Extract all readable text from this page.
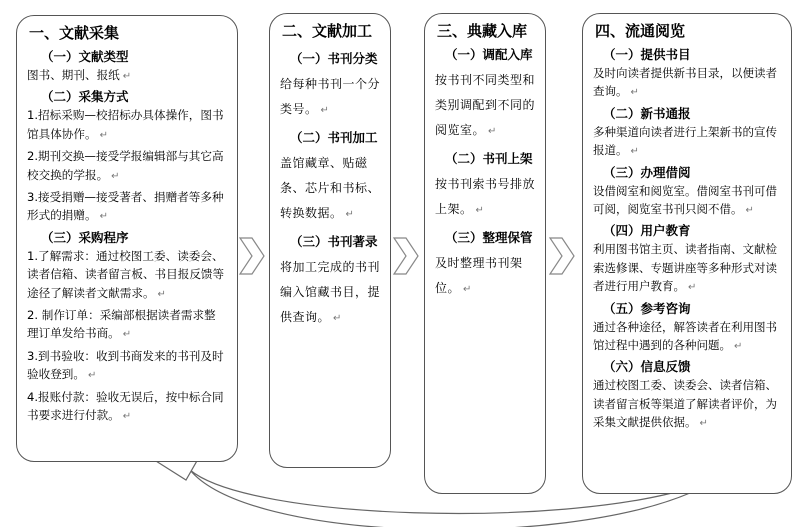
一、文献采集
（一）文献类型
图书、期刊、报纸 ↵
（二）采集方式
1.招标采购—校招标办具体操作，图书馆具体协作。 ↵
2.期刊交换—接受学报编辑部与其它高校交换的学报。 ↵
3.接受捐赠—接受著者、捐赠者等多种形式的捐赠。 ↵
（三）采购程序
1.了解需求：通过校图工委、读委会、读者信箱、读者留言板、书目报反馈等途径了解读者文献需求。 ↵
2. 制作订单：采编部根据读者需求整理订单发给书商。 ↵
3.到书验收：收到书商发来的书刊及时验收登到。 ↵
4.报账付款：验收无误后，按中标合同书要求进行付款。 ↵
二、文献加工
（一）书刊分类
给每种书刊一个分类号。 ↵
（二）书刊加工
盖馆藏章、贴磁条、芯片和书标、转换数据。 ↵
（三）书刊著录
将加工完成的书刊编入馆藏书目，提供查询。 ↵
三、典藏入库
（一）调配入库
按书刊不同类型和类别调配到不同的阅览室。 ↵
（二）书刊上架
按书刊索书号排放上架。 ↵
（三）整理保管
及时整理书刊架位。 ↵
四、流通阅览
（一）提供书目
及时向读者提供新书目录，以便读者查询。 ↵
（二）新书通报
多种渠道向读者进行上架新书的宣传报道。 ↵
（三）办理借阅
设借阅室和阅览室。借阅室书刊可借可阅，阅览室书刊只阅不借。 ↵
（四）用户教育
利用图书馆主页、读者指南、文献检索选修课、专题讲座等多种形式对读者进行用户教育。 ↵
（五）参考咨询
通过各种途径，解答读者在利用图书馆过程中遇到的各种问题。 ↵
（六）信息反馈
通过校图工委、读委会、读者信箱、读者留言板等渠道了解读者评价，为采集文献提供依据。 ↵
